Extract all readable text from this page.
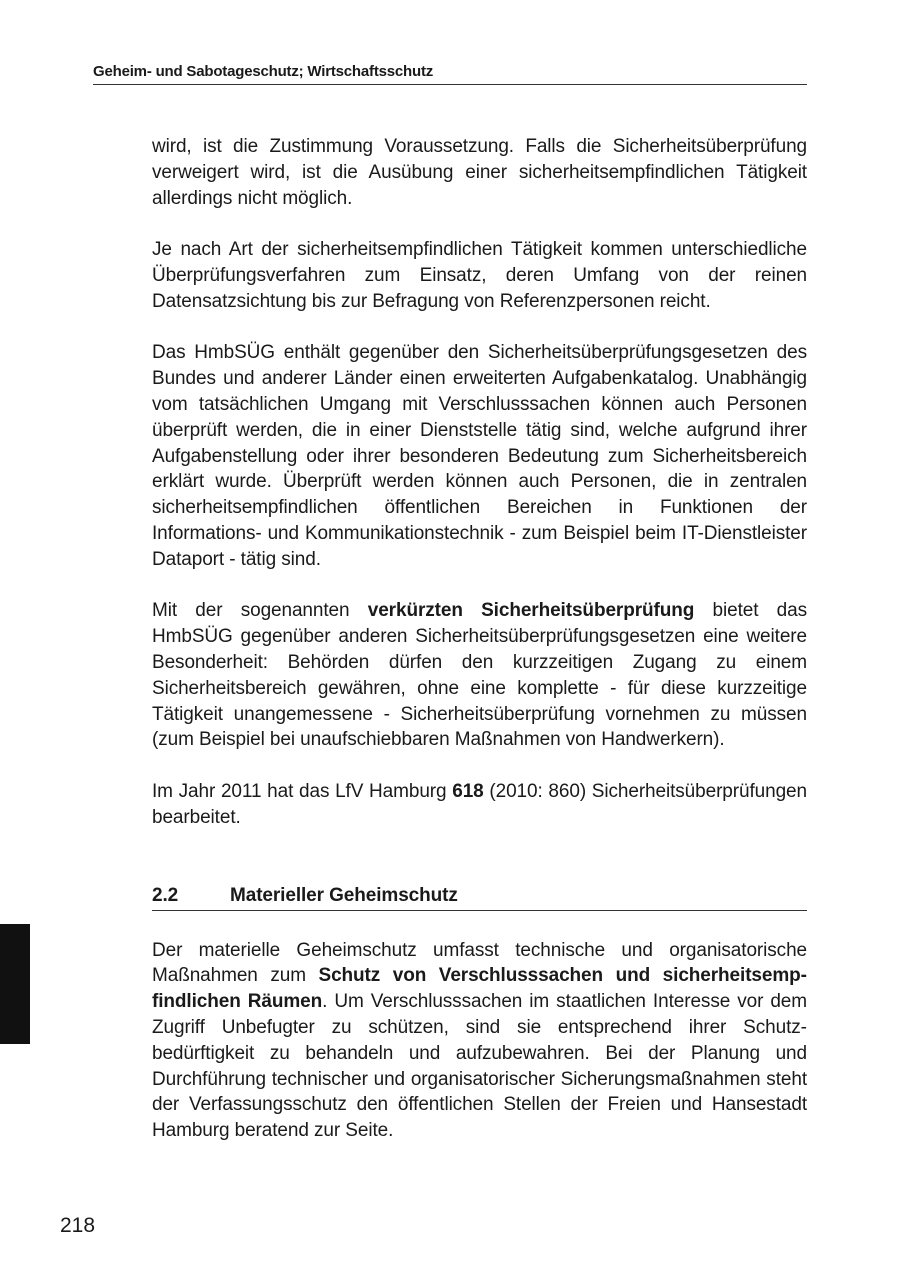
Geheim- und Sabotageschutz; Wirtschaftsschutz

wird, ist die Zustimmung Voraussetzung. Falls die Sicherheitsüberprüfung verweigert wird, ist die Ausübung einer sicherheitsempfindlichen Tätigkeit allerdings nicht möglich.

Je nach Art der sicherheitsempfindlichen Tätigkeit kommen unterschiedliche Überprüfungsverfahren zum Einsatz, deren Umfang von der reinen Datensatzsichtung bis zur Befragung von Referenzpersonen reicht.

Das HmbSÜG enthält gegenüber den Sicherheitsüberprüfungsgesetzen des Bundes und anderer Länder einen erweiterten Aufgabenkatalog. Unabhängig vom tatsächlichen Umgang mit Verschlusssachen können auch Personen überprüft werden, die in einer Dienststelle tätig sind, welche aufgrund ihrer Aufgabenstellung oder ihrer besonderen Bedeutung zum Sicherheitsbereich erklärt wurde. Überprüft werden können auch Personen, die in zentralen sicherheitsempfindlichen öffentlichen Bereichen in Funktionen der Informations- und Kommunikationstechnik - zum Beispiel beim IT-Dienstleister Dataport - tätig sind.

Mit der sogenannten verkürzten Sicherheitsüberprüfung bietet das HmbSÜG gegenüber anderen Sicherheitsüberprüfungsgesetzen eine weitere Besonderheit: Behörden dürfen den kurzzeitigen Zugang zu einem Sicherheitsbereich gewähren, ohne eine komplette - für diese kurzzeitige Tätigkeit unangemessene - Sicherheitsüberprüfung vornehmen zu müssen (zum Beispiel bei unaufschiebbaren Maßnahmen von Handwerkern).

Im Jahr 2011 hat das LfV Hamburg 618 (2010: 860) Sicherheitsüberprüfungen bearbeitet.

2.2	Materieller Geheimschutz

Der materielle Geheimschutz umfasst technische und organisatorische Maßnahmen zum Schutz von Verschlusssachen und sicherheitsempfindlichen Räumen. Um Verschlusssachen im staatlichen Interesse vor dem Zugriff Unbefugter zu schützen, sind sie entsprechend ihrer Schutzbedürftigkeit zu behandeln und aufzubewahren. Bei der Planung und Durchführung technischer und organisatorischer Sicherungsmaßnahmen steht der Verfassungsschutz den öffentlichen Stellen der Freien und Hansestadt Hamburg beratend zur Seite.

218
